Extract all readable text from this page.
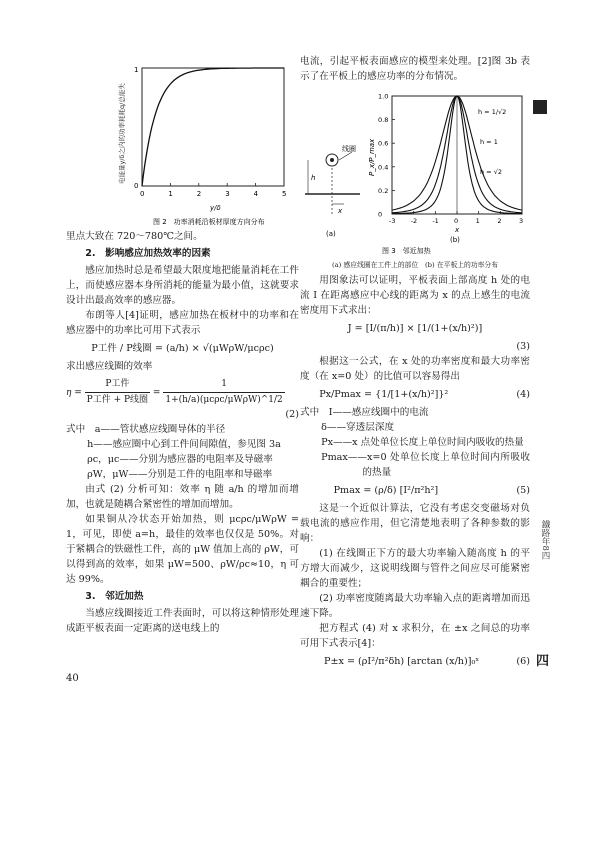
电能量y/δ之内的功率耗耗q/总能失
1
0
0	1	2	3	4	5
y/δ
图 2　功率消耗沿板材厚度方向分布

里点大致在 720～780℃之间。

2.　影响感应加热效率的因素

感应加热时总是希望最大限度地把能量消耗在工件上，而使感应器本身所消耗的能量为最小值，这就要求设计出最高效率的感应器。

布朗等人[4]证明，感应加热在板材中的功率和在感应器中的功率比可用下式表示

P工件 / P线圈 = (a/h) × √(μWρW/μcρc)

求出感应线圈的效率

$\eta = \frac{\text{P工件}}{\text{P工件 + P线圈}} = \frac{1}{\text{1+(h/a)(μcρc/μWρW)\textasciicircum{}1/2}}$

(2)

式中　a——管状感应线圈导体的半径

h——感应圈中心到工件间间隙值，参见图 3a

ρc，μc——分别为感应器的电阻率及导磁率

ρW，μW——分别是工件的电阻率和导磁率

由式 (2) 分析可知：效率 η 随 a/h 的增加而增加，也就是随耦合紧密性的增加而增加。

如果铜从冷状态开始加热，则 μcρc/μWρW = 1，可见，即使 a=h，最佳的效率也仅仅是 50%。对于紧耦合的铁磁性工件，高的 μW 值加上高的 ρW，可以得到高的效率，如果 μW=500、ρW/ρc≈10，η 可达 99%。

3.　邻近加热

当感应线圈接近工件表面时，可以将这种情形处理成距平板表面一定距离的送电线上的

40

电流，引起平板表面感应的模型来处理。[2]图 3b 表示了在平板上的感应功率的分布情况。

线圈
h
x
(a)
P_x/P_max
1.0
0.8
0.6
0.4
0.2
0
-3 -2 -1 0	1	2	3
h = 1/√2
h = 1
h = √2
x
(b)
图 3　邻近加热

(a) 感应线圈在工件上的部位　(b) 在平板上的功率分布

用图象法可以证明，平板表面上部高度 h 处的电流 I 在距离感应中心线的距离为 x 的点上感生的电流密度用下式求出：

J = [I/(π/h)] × [1/(1+(x/h)²)]

(3)

根据这一公式，在 x 处的功率密度和最大功率密度（在 x=0 处）的比值可以容易得出

Px/Pmax = {1/[1+(x/h)²]}²	(4)

式中　I——感应线圈中的电流

δ——穿透层深度

Px——x 点处单位长度上单位时间内吸收的热量

Pmax——x=0 处单位长度上单位时间内所吸收的热量

Pmax = (ρ/δ) [I²/π²h²]	(5)

这是一个近似计算法，它没有考虑交变磁场对负载电流的感应作用，但它清楚地表明了各种参数的影响：

(1) 在线圈正下方的最大功率输入随高度 h 的平方增大而减少，这说明线圈与管件之间应尽可能紧密耦合的重要性；

(2) 功率密度随离最大功率输入点的距离增加而迅速下降。

把方程式 (4) 对 x 求积分，在 ±x 之间总的功率可用下式表示[4]：

P±x = (ρI²/π²δh) [arctan (x/h)]₀ˣ	(6)

鐵路年8四
四
